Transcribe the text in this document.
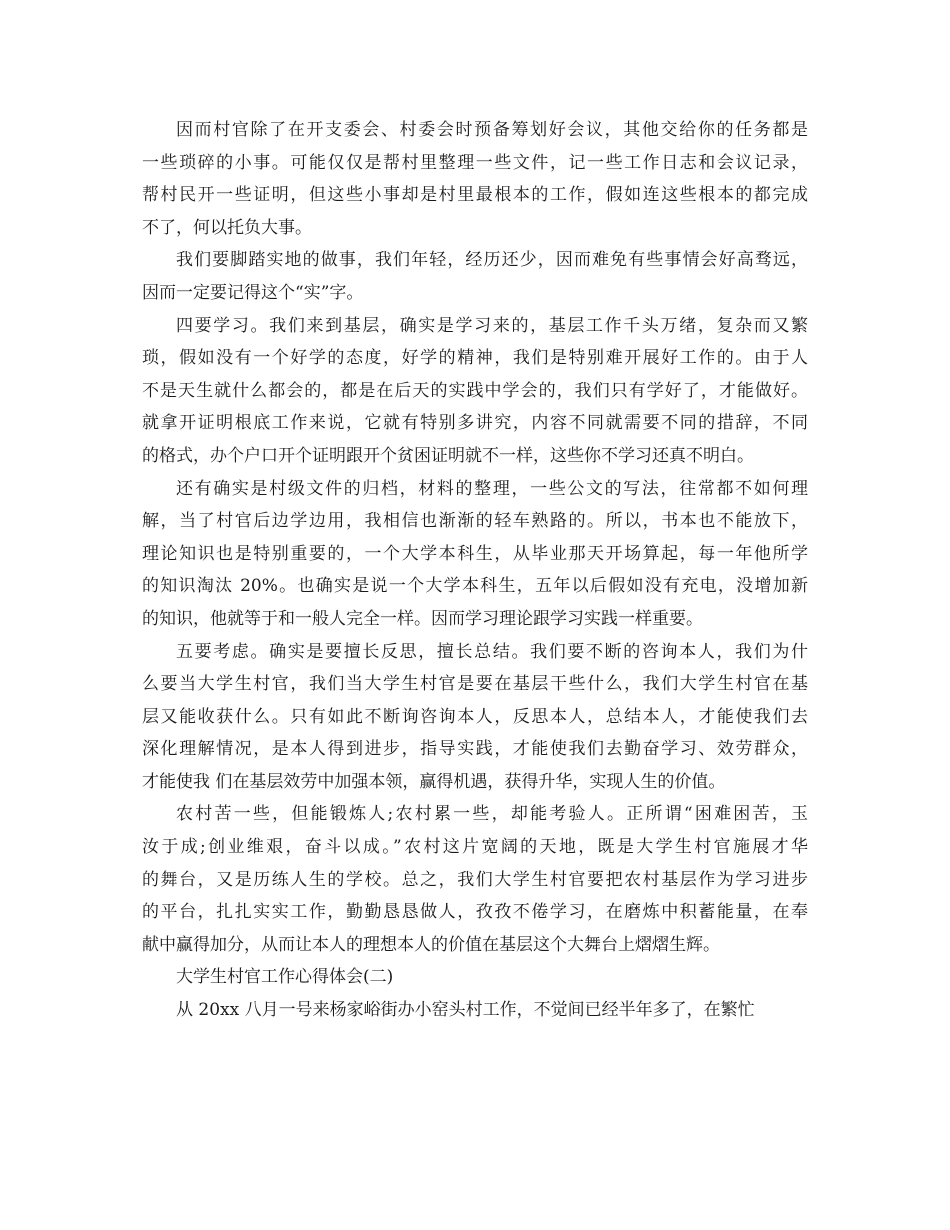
因而村官除了在开支委会、村委会时预备筹划好会议，其他交给你的任务都是
一些琐碎的小事。可能仅仅是帮村里整理一些文件，记一些工作日志和会议记录，
帮村民开一些证明，但这些小事却是村里最根本的工作，假如连这些根本的都完成
不了，何以托负大事。
我们要脚踏实地的做事，我们年轻，经历还少，因而难免有些事情会好高骛远，
因而一定要记得这个“实”字。
四要学习。我们来到基层，确实是学习来的，基层工作千头万绪，复杂而又繁
琐，假如没有一个好学的态度，好学的精神，我们是特别难开展好工作的。由于人
不是天生就什么都会的，都是在后天的实践中学会的，我们只有学好了，才能做好。
就拿开证明根底工作来说，它就有特别多讲究，内容不同就需要不同的措辞，不同
的格式，办个户口开个证明跟开个贫困证明就不一样，这些你不学习还真不明白。
还有确实是村级文件的归档，材料的整理，一些公文的写法，往常都不如何理
解，当了村官后边学边用，我相信也渐渐的轻车熟路的。所以，书本也不能放下，
理论知识也是特别重要的，一个大学本科生，从毕业那天开场算起，每一年他所学
的知识淘汰 20%。也确实是说一个大学本科生，五年以后假如没有充电，没增加新
的知识，他就等于和一般人完全一样。因而学习理论跟学习实践一样重要。
五要考虑。确实是要擅长反思，擅长总结。我们要不断的咨询本人，我们为什
么要当大学生村官，我们当大学生村官是要在基层干些什么，我们大学生村官在基
层又能收获什么。只有如此不断询咨询本人，反思本人，总结本人，才能使我们去
深化理解情况，是本人得到进步，指导实践，才能使我们去勤奋学习、效劳群众，
才能使我 们在基层效劳中加强本领，赢得机遇，获得升华，实现人生的价值。
农村苦一些，但能锻炼人;农村累一些，却能考验人。正所谓“困难困苦，玉
汝于成;创业维艰，奋斗以成。”农村这片宽阔的天地，既是大学生村官施展才华
的舞台，又是历练人生的学校。总之，我们大学生村官要把农村基层作为学习进步
的平台，扎扎实实工作，勤勤恳恳做人，孜孜不倦学习，在磨炼中积蓄能量，在奉
献中赢得加分，从而让本人的理想本人的价值在基层这个大舞台上熠熠生辉。
大学生村官工作心得体会(二)
从 20xx 八月一号来杨家峪街办小窑头村工作，不觉间已经半年多了，在繁忙
